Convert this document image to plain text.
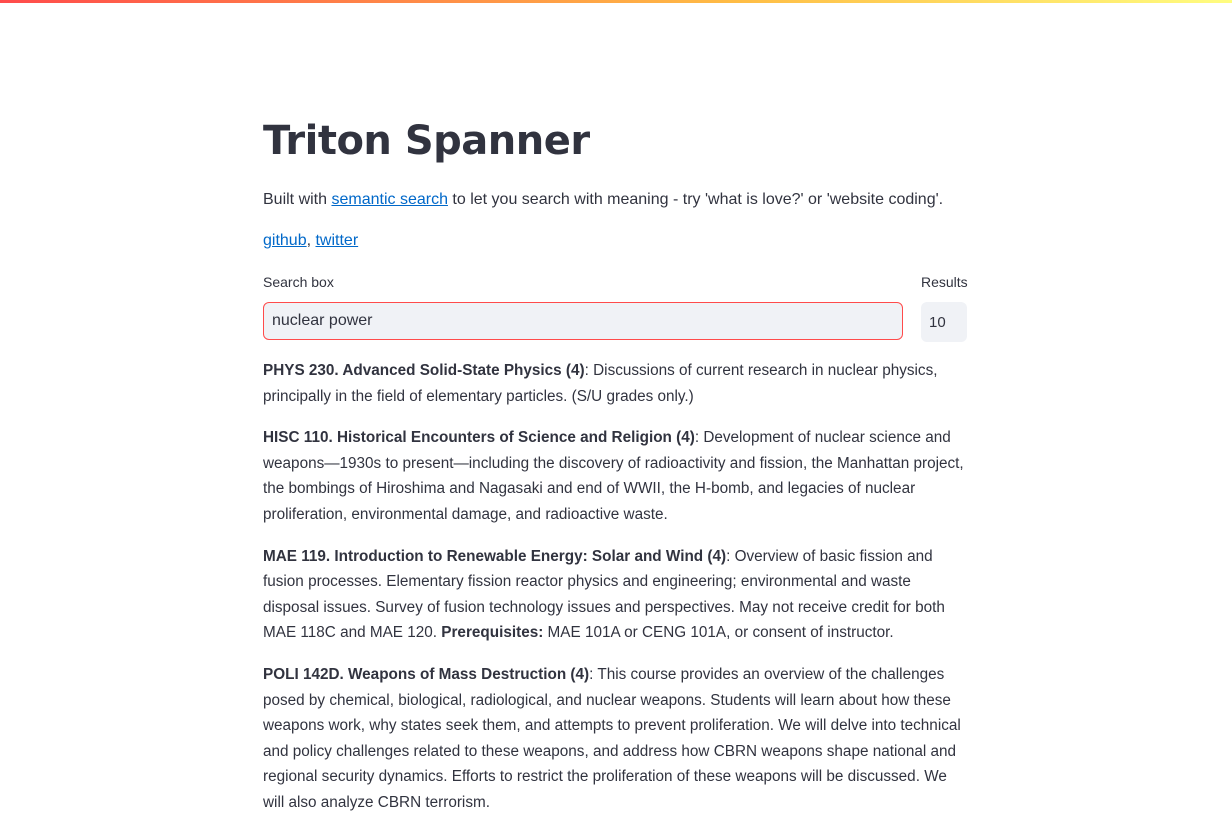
Triton Spanner

Built with semantic search to let you search with meaning - try 'what is love?' or 'website coding'.

github, twitter
Search box
nuclear power	Results
10

PHYS 230. Advanced Solid-State Physics (4): Discussions of current research in nuclear physics, principally in the field of elementary particles. (S/U grades only.)

HISC 110. Historical Encounters of Science and Religion (4): Development of nuclear science and weapons—1930s to present—including the discovery of radioactivity and fission, the Manhattan project, the bombings of Hiroshima and Nagasaki and end of WWII, the H-bomb, and legacies of nuclear proliferation, environmental damage, and radioactive waste.

MAE 119. Introduction to Renewable Energy: Solar and Wind (4): Overview of basic fission and fusion processes. Elementary fission reactor physics and engineering; environmental and waste disposal issues. Survey of fusion technology issues and perspectives. May not receive credit for both MAE 118C and MAE 120. Prerequisites: MAE 101A or CENG 101A, or consent of instructor.

POLI 142D. Weapons of Mass Destruction (4): This course provides an overview of the challenges posed by chemical, biological, radiological, and nuclear weapons. Students will learn about how these weapons work, why states seek them, and attempts to prevent proliferation. We will delve into technical and policy challenges related to these weapons, and address how CBRN weapons shape national and regional security dynamics. Efforts to restrict the proliferation of these weapons will be discussed. We will also analyze CBRN terrorism.
